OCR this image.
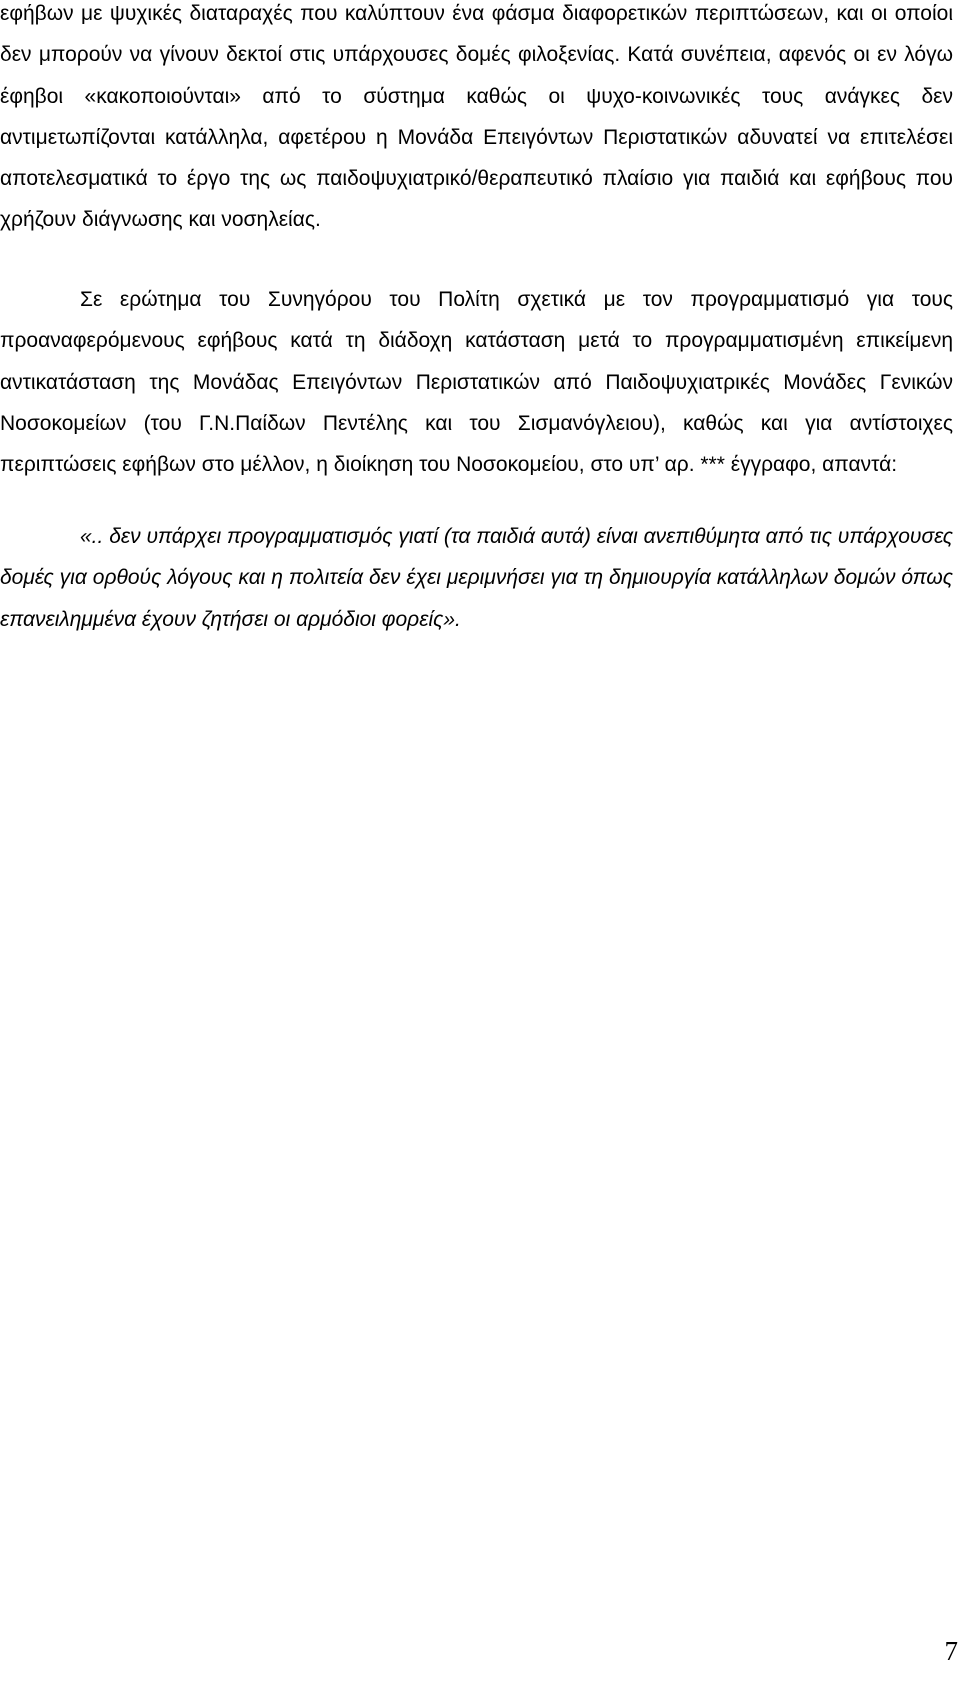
εφήβων με ψυχικές διαταραχές που καλύπτουν ένα φάσμα διαφορετικών περιπτώσεων, και οι οποίοι δεν μπορούν να γίνουν δεκτοί στις υπάρχουσες δομές φιλοξενίας. Κατά συνέπεια, αφενός οι εν λόγω έφηβοι «κακοποιούνται» από το σύστημα καθώς οι ψυχο-κοινωνικές τους ανάγκες δεν αντιμετωπίζονται κατάλληλα, αφετέρου η Μονάδα Επειγόντων Περιστατικών αδυνατεί να επιτελέσει αποτελεσματικά το έργο της ως παιδοψυχιατρικό/θεραπευτικό πλαίσιο για παιδιά και εφήβους που χρήζουν διάγνωσης και νοσηλείας.

Σε ερώτημα του Συνηγόρου του Πολίτη σχετικά με τον προγραμματισμό για τους προαναφερόμενους εφήβους κατά τη διάδοχη κατάσταση μετά το προγραμματισμένη επικείμενη αντικατάσταση της Μονάδας Επειγόντων Περιστατικών από Παιδοψυχιατρικές Μονάδες Γενικών Νοσοκομείων (του Γ.Ν.Παίδων Πεντέλης και του Σισμανόγλειου), καθώς και για αντίστοιχες περιπτώσεις εφήβων στο μέλλον, η διοίκηση του Νοσοκομείου, στο υπ’ αρ. *** έγγραφο, απαντά:

«.. δεν υπάρχει προγραμματισμός γιατί (τα παιδιά αυτά) είναι ανεπιθύμητα από τις υπάρχουσες δομές για ορθούς λόγους και η πολιτεία δεν έχει μεριμνήσει για τη δημιουργία κατάλληλων δομών όπως επανειλημμένα έχουν ζητήσει οι αρμόδιοι φορείς».

7
